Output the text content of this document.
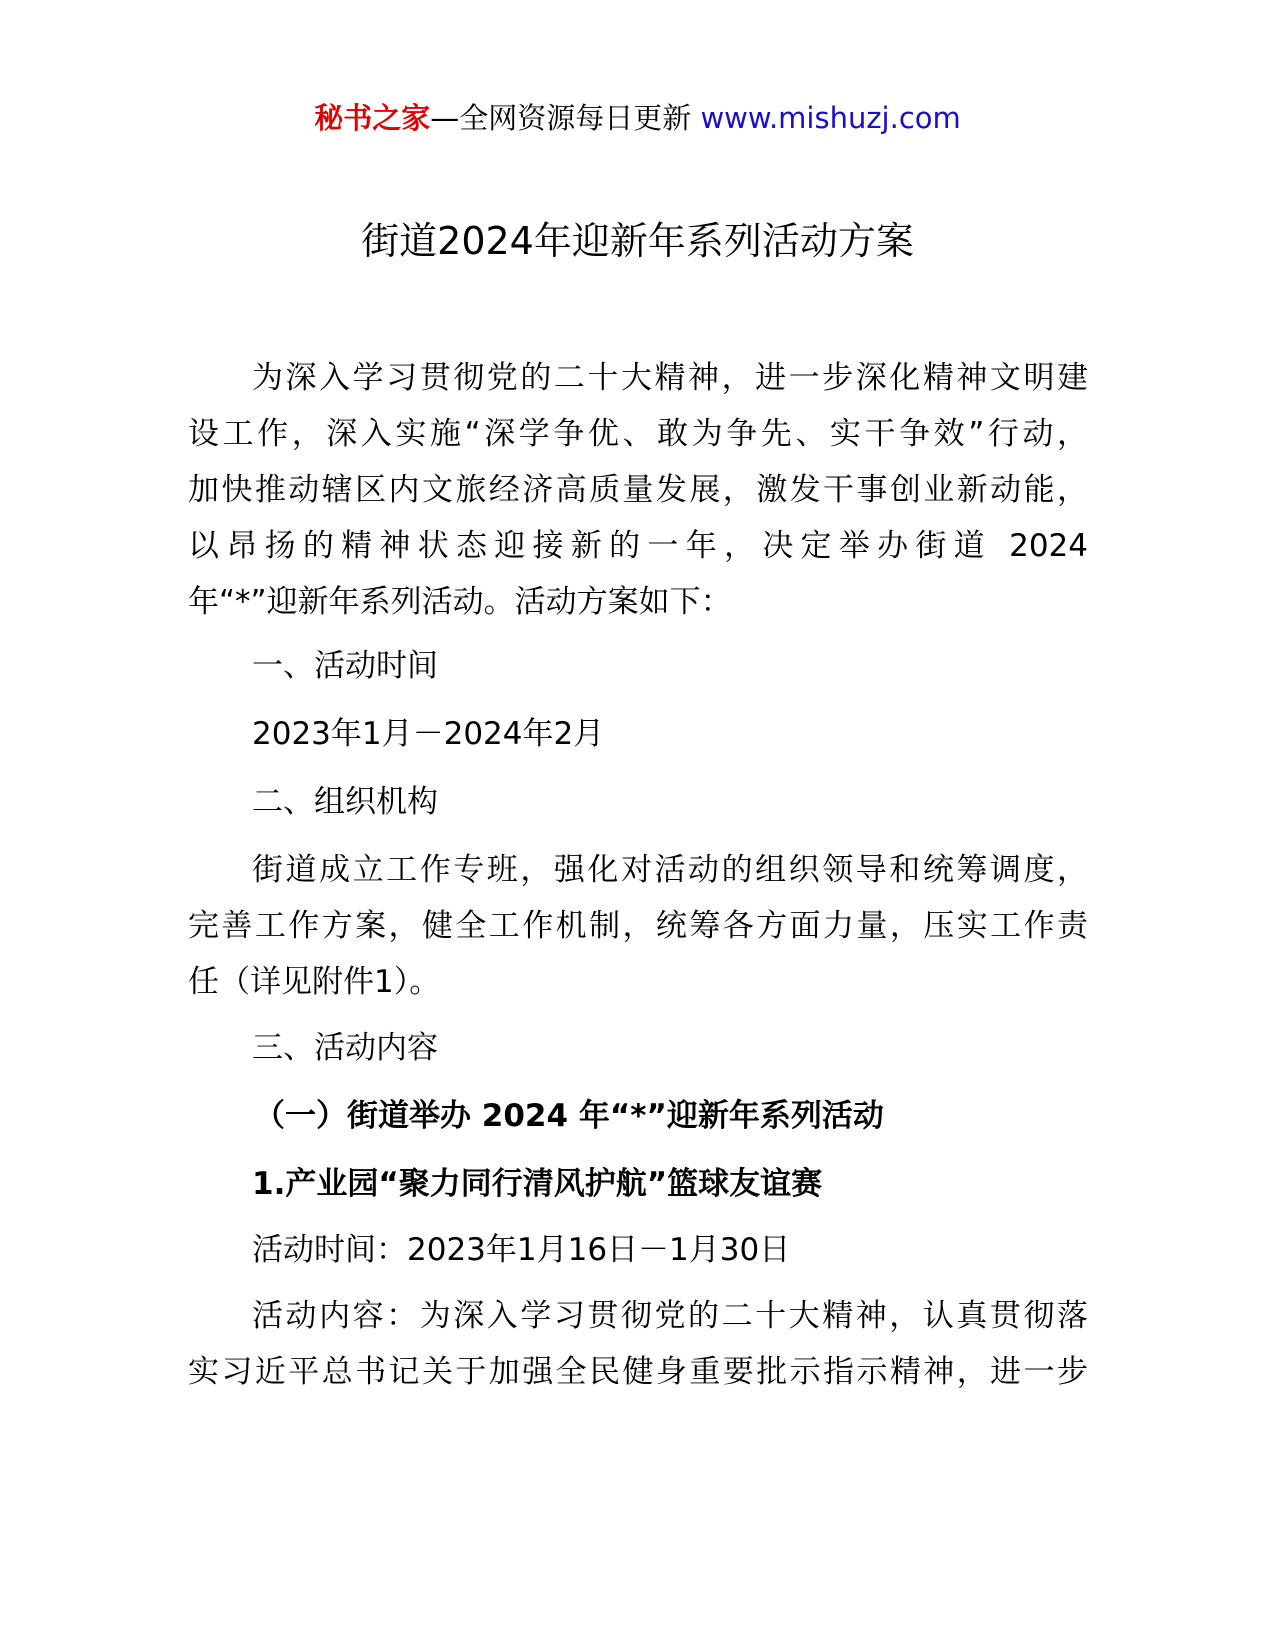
秘书之家—全网资源每日更新 www.mishuzj.com
街道2024年迎新年系列活动方案
为深入学习贯彻党的二十大精神，进一步深化精神文明建
设工作，深入实施“深学争优、敢为争先、实干争效”行动，
加快推动辖区内文旅经济高质量发展，激发干事创业新动能，
以昂扬的精神状态迎接新的一年，决定举办街道 2024
年“*”迎新年系列活动。活动方案如下：
一、活动时间
2023年1月－2024年2月
二、组织机构
街道成立工作专班，强化对活动的组织领导和统筹调度，
完善工作方案，健全工作机制，统筹各方面力量，压实工作责
任（详见附件1）。
三、活动内容
（一）街道举办 2024 年“*”迎新年系列活动
1.产业园“聚力同行清风护航”篮球友谊赛
活动时间：2023年1月16日－1月30日
活动内容：为深入学习贯彻党的二十大精神，认真贯彻落
实习近平总书记关于加强全民健身重要批示指示精神，进一步
